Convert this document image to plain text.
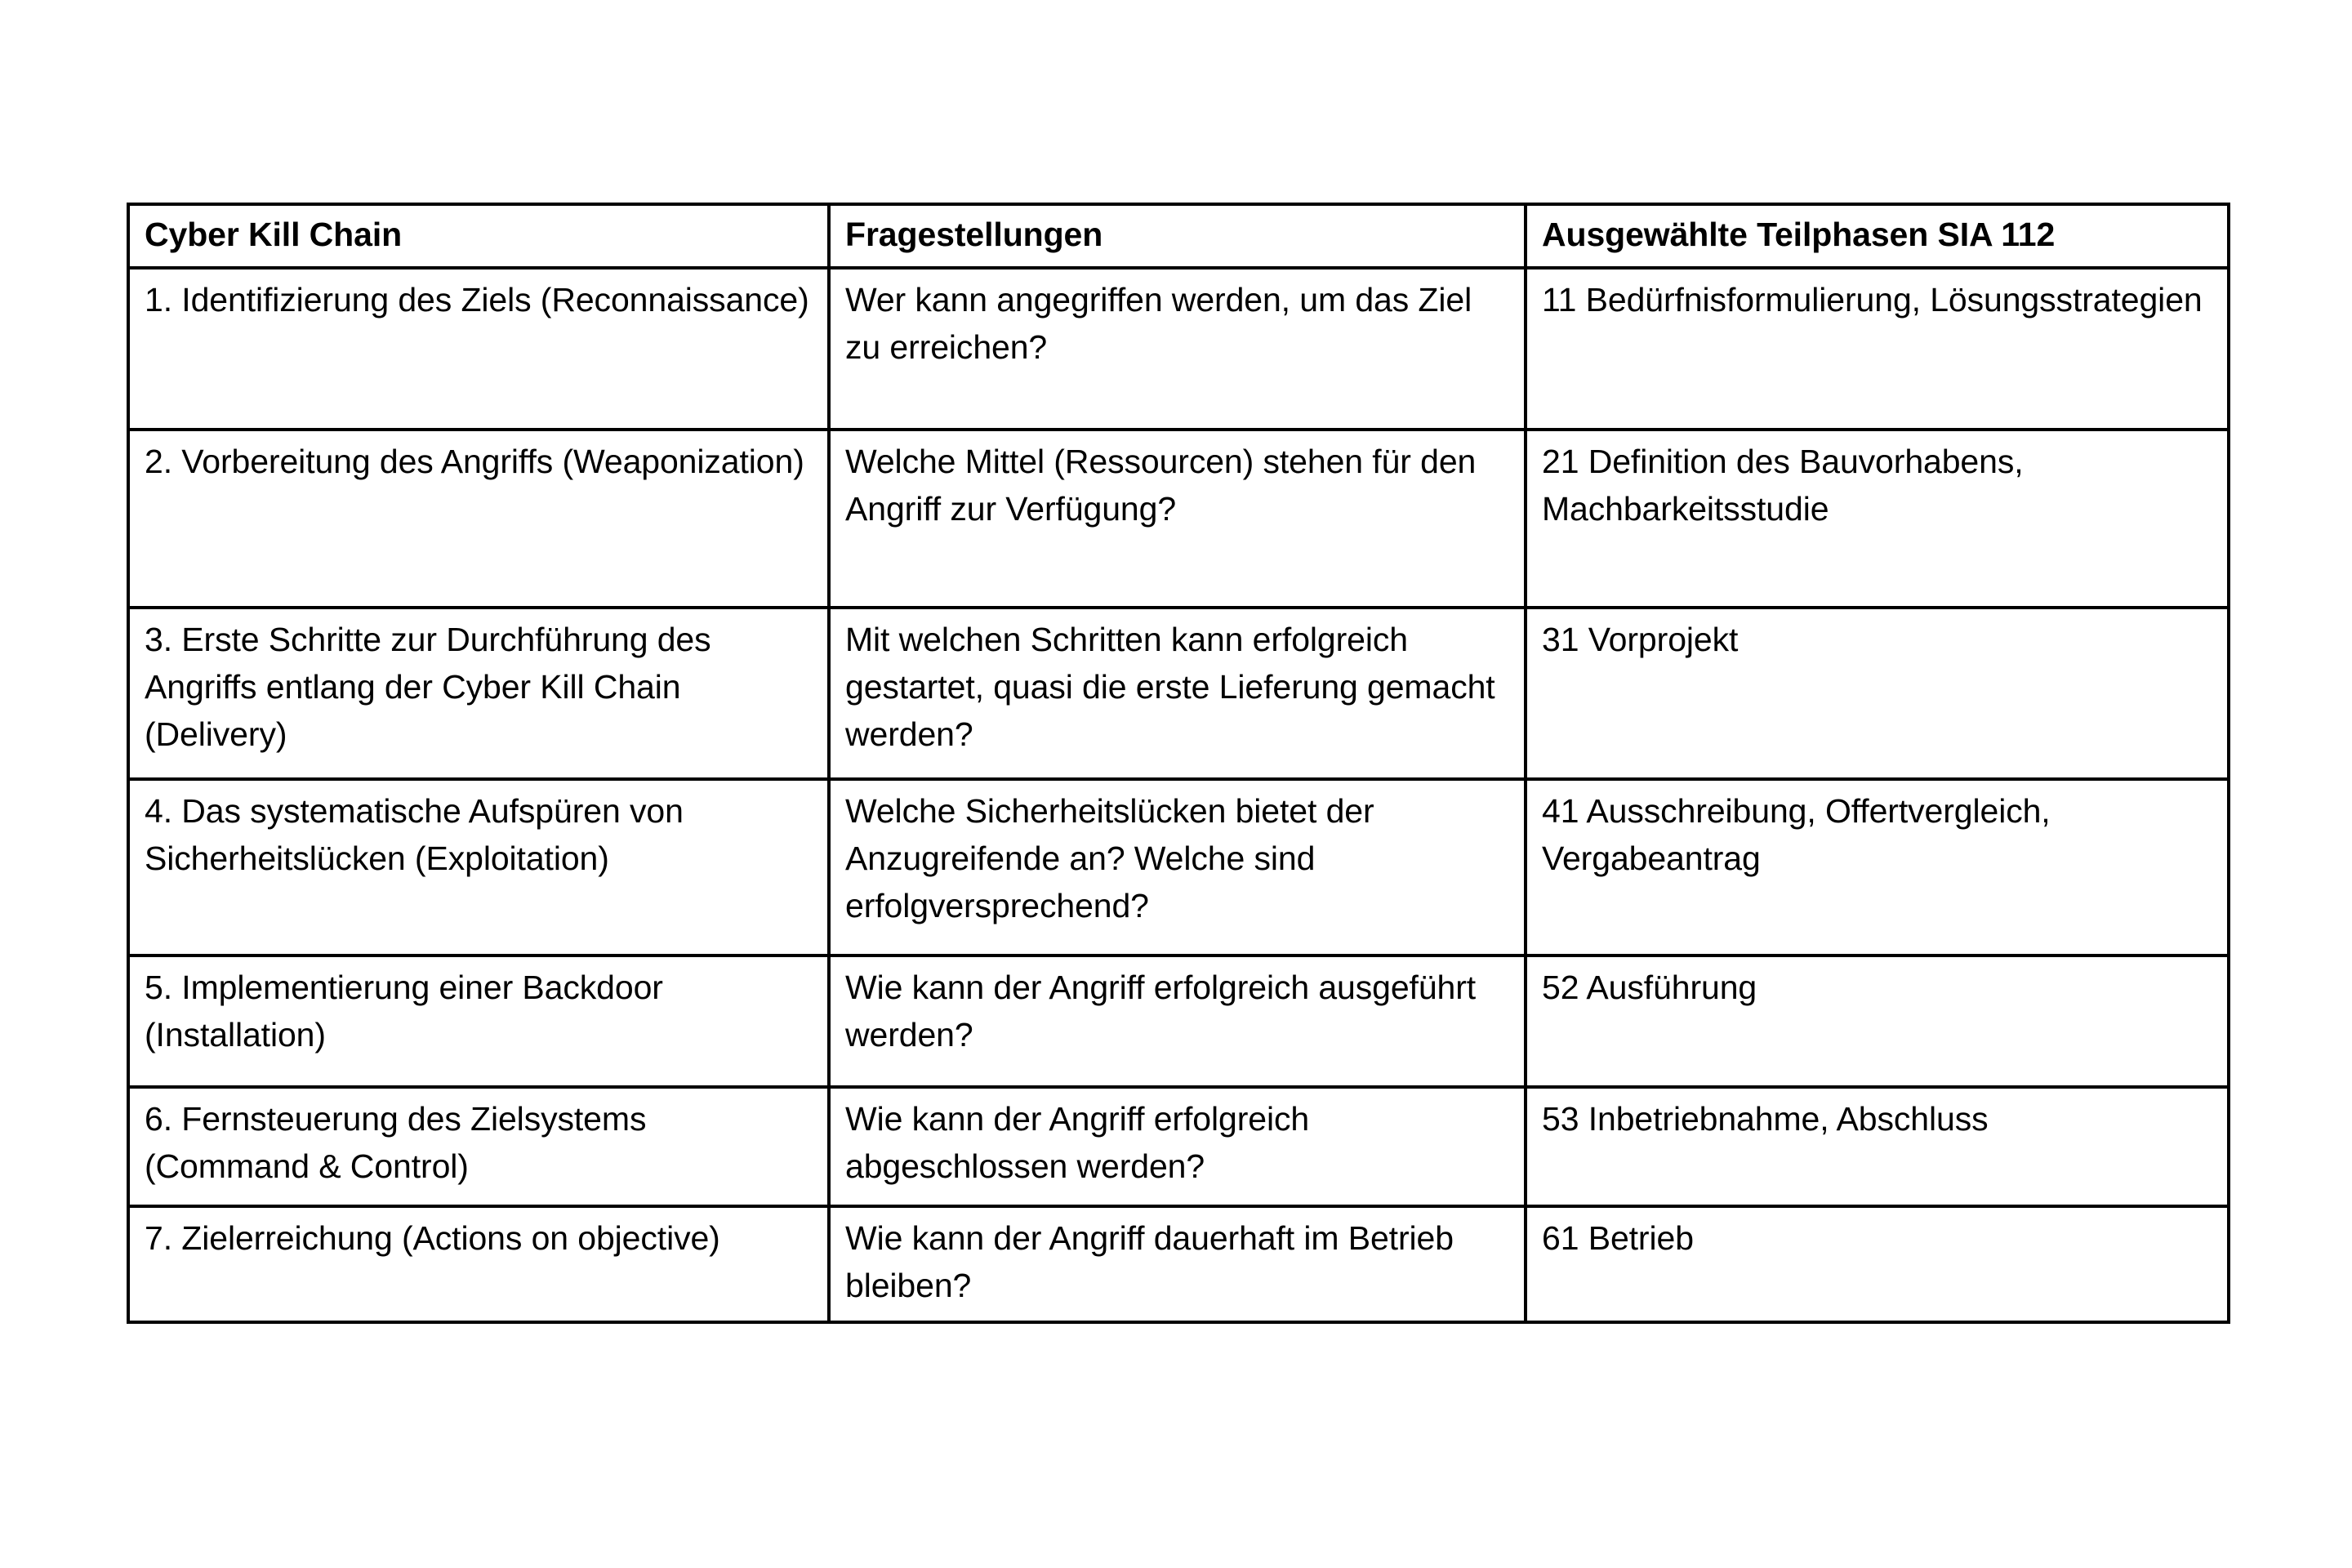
Cyber Kill Chain	Fragestellungen	Ausgewählte Teilphasen SIA 112

1. Identifizierung des Ziels (Reconnaissance)	Wer kann angegriffen werden, um das Ziel zu erreichen?	11 Bedürfnisformulierung, Lösungsstrategien

2. Vorbereitung des Angriffs (Weaponization)	Welche Mittel (Ressourcen) stehen für den Angriff zur Verfügung?	21 Definition des Bauvorhabens, Machbarkeitsstudie

3. Erste Schritte zur Durchführung des Angriffs entlang der Cyber Kill Chain (Delivery)	Mit welchen Schritten kann erfolgreich gestartet, quasi die erste Lieferung gemacht werden?	31 Vorprojekt

4. Das systematische Aufspüren von Sicherheitslücken (Exploitation)	Welche Sicherheitslücken bietet der Anzugreifende an? Welche sind erfolgversprechend?	41 Ausschreibung, Offertvergleich, Vergabeantrag

5. Implementierung einer Backdoor (Installation)	Wie kann der Angriff erfolgreich ausgeführt werden?	52 Ausführung

6. Fernsteuerung des Zielsystems (Command & Control)	Wie kann der Angriff erfolgreich abgeschlossen werden?	53 Inbetriebnahme, Abschluss

7. Zielerreichung (Actions on objective)	Wie kann der Angriff dauerhaft im Betrieb bleiben?	61 Betrieb
